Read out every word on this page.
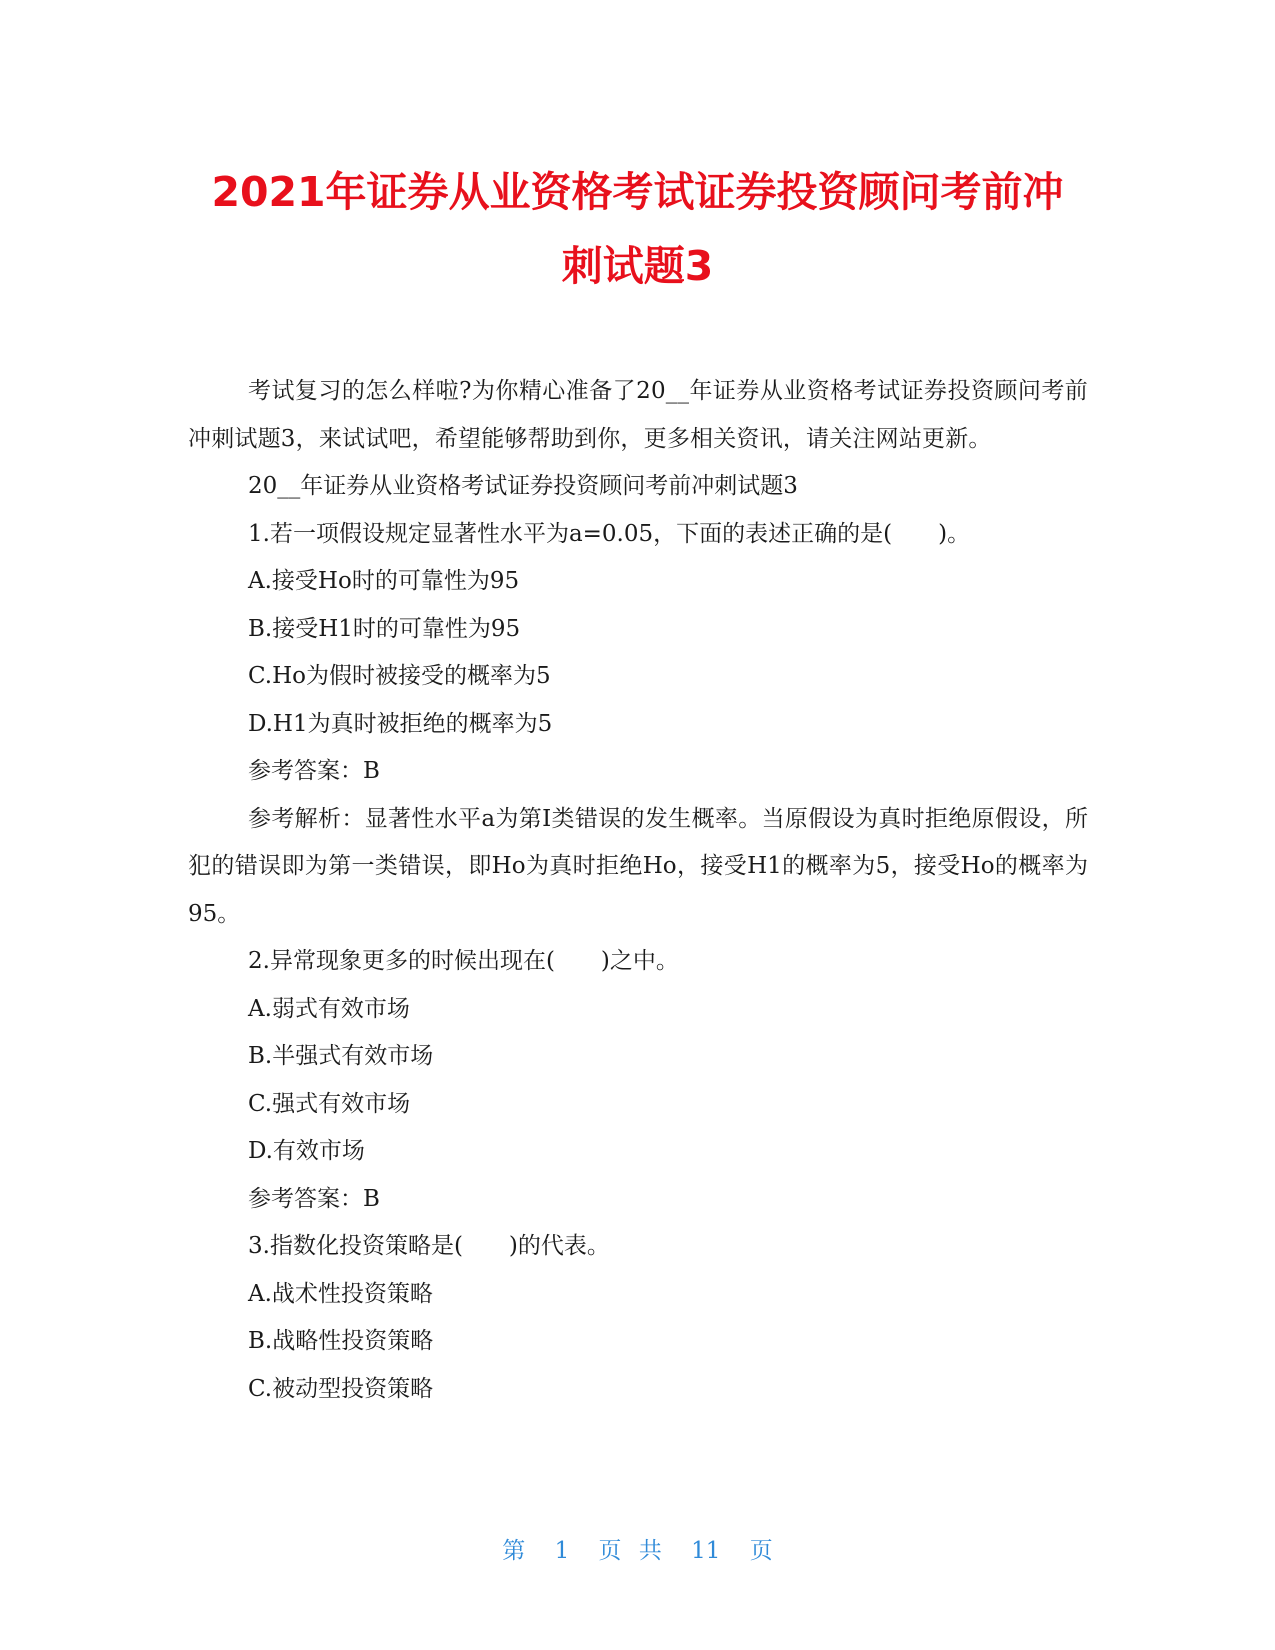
2021年证券从业资格考试证券投资顾问考前冲
刺试题3

考试复习的怎么样啦?为你精心准备了20__年证券从业资格考试证券投资顾问考前冲刺试题3，来试试吧，希望能够帮助到你，更多相关资讯，请关注网站更新。

20__年证券从业资格考试证券投资顾问考前冲刺试题3

1.若一项假设规定显著性水平为a=0.05，下面的表述正确的是(　　)。

A.接受Ho时的可靠性为95

B.接受H1时的可靠性为95

C.Ho为假时被接受的概率为5

D.H1为真时被拒绝的概率为5

参考答案：B

参考解析：显著性水平a为第Ⅰ类错误的发生概率。当原假设为真时拒绝原假设，所犯的错误即为第一类错误，即Ho为真时拒绝Ho，接受H1的概率为5，接受Ho的概率为95。

2.异常现象更多的时候出现在(　　)之中。

A.弱式有效市场

B.半强式有效市场

C.强式有效市场

D.有效市场

参考答案：B

3.指数化投资策略是(　　)的代表。

A.战术性投资策略

B.战略性投资策略

C.被动型投资策略

第 1 页 共 11 页
